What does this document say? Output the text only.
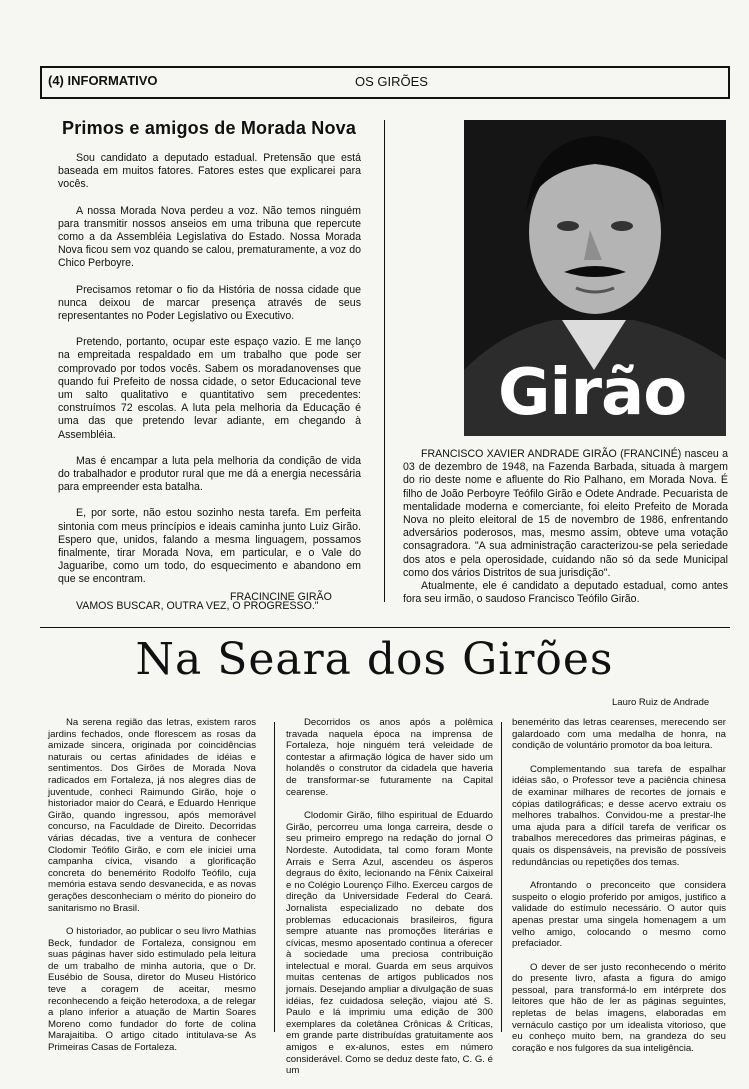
(4) INFORMATIVO	OS GIRÕES
Primos e amigos de Morada Nova

Sou candidato a deputado estadual. Pretensão que está baseada em muitos fatores. Fatores estes que explicarei para vocês.

A nossa Morada Nova perdeu a voz. Não temos ninguém para transmitir nossos anseios em uma tribuna que repercute como a da Assembléia Legislativa do Estado. Nossa Morada Nova ficou sem voz quando se calou, prematuramente, a voz do Chico Perboyre.

Precisamos retomar o fio da História de nossa cidade que nunca deixou de marcar presença através de seus representantes no Poder Legislativo ou Executivo.

Pretendo, portanto, ocupar este espaço vazio. E me lanço na empreitada respaldado em um trabalho que pode ser comprovado por todos vocês. Sabem os moradanovenses que quando fui Prefeito de nossa cidade, o setor Educacional teve um salto qualitativo e quantitativo sem precedentes: construímos 72 escolas. A luta pela melhoria da Educação é uma das que pretendo levar adiante, em chegando à Assembléia.

Mas é encampar a luta pela melhoria da condição de vida do trabalhador e produtor rural que me dá a energia necessária para empreender esta batalha.

E, por sorte, não estou sozinho nesta tarefa. Em perfeita sintonia com meus princípios e ideais caminha junto Luiz Girão. Espero que, unidos, falando a mesma linguagem, possamos finalmente, tirar Morada Nova, em particular, e o Vale do Jaguaribe, como um todo, do esquecimento e abandono em que se encontram.

VAMOS BUSCAR, OUTRA VEZ, O PROGRESSO."

FRACINCINE GIRÃO
Girão

FRANCISCO XAVIER ANDRADE GIRÃO (FRANCINÉ) nasceu a 03 de dezembro de 1948, na Fazenda Barbada, situada à margem do rio deste nome e afluente do Rio Palhano, em Morada Nova. É filho de João Perboyre Teófilo Girão e Odete Andrade. Pecuarista de mentalidade moderna e comerciante, foi eleito Prefeito de Morada Nova no pleito eleitoral de 15 de novembro de 1986, enfrentando adversários poderosos, mas, mesmo assim, obteve uma votação consagradora. "A sua administração caracterizou-se pela seriedade dos atos e pela operosidade, cuidando não só da sede Municipal como dos vários Distritos de sua jurisdição".

Atualmente, ele é candidato a deputado estadual, como antes fora seu irmão, o saudoso Francisco Teófilo Girão.

Na Seara dos Girões
Lauro Ruiz de Andrade

Na serena região das letras, existem raros jardins fechados, onde florescem as rosas da amizade sincera, originada por coincidências naturais ou certas afinidades de idéias e sentimentos. Dos Girões de Morada Nova radicados em Fortaleza, já nos alegres dias de juventude, conheci Raimundo Girão, hoje o historiador maior do Ceará, e Eduardo Henrique Girão, quando ingressou, após memorável concurso, na Faculdade de Direito. Decorridas várias décadas, tive a ventura de conhecer Clodomir Teófilo Girão, e com ele iniciei uma campanha cívica, visando a glorificação concreta do benemérito Rodolfo Teófilo, cuja memória estava sendo desvanecida, e as novas gerações desconheciam o mérito do pioneiro do sanitarismo no Brasil.

O historiador, ao publicar o seu livro Mathias Beck, fundador de Fortaleza, consignou em suas páginas haver sido estimulado pela leitura de um trabalho de minha autoria, que o Dr. Eusébio de Sousa, diretor do Museu Histórico teve a coragem de aceitar, mesmo reconhecendo a feição heterodoxa, a de relegar a plano inferior a atuação de Martin Soares Moreno como fundador do forte de colina Marajaitiba. O artigo citado intitulava-se As Primeiras Casas de Fortaleza.

Decorridos os anos após a polêmica travada naquela época na imprensa de Fortaleza, hoje ninguém terá veleidade de contestar a afirmação lógica de haver sido um holandês o construtor da cidadela que haveria de transformar-se futuramente na Capital cearense.

Clodomir Girão, filho espiritual de Eduardo Girão, percorreu uma longa carreira, desde o seu primeiro emprego na redação do jornal O Nordeste. Autodidata, tal como foram Monte Arrais e Serra Azul, ascendeu os ásperos degraus do êxito, lecionando na Fênix Caixeiral e no Colégio Lourenço Filho. Exerceu cargos de direção da Universidade Federal do Ceará. Jornalista especializado no debate dos problemas educacionais brasileiros, figura sempre atuante nas promoções literárias e cívicas, mesmo aposentado continua a oferecer à sociedade uma preciosa contribuição intelectual e moral. Guarda em seus arquivos muitas centenas de artigos publicados nos jornais. Desejando ampliar a divulgação de suas idéias, fez cuidadosa seleção, viajou até S. Paulo e lá imprimiu uma edição de 300 exemplares da coletânea Crônicas & Críticas, em grande parte distribuídas gratuitamente aos amigos e ex-alunos, estes em número considerável. Como se deduz deste fato, C. G. é um

benemérito das letras cearenses, merecendo ser galardoado com uma medalha de honra, na condição de voluntário promotor da boa leitura.

Complementando sua tarefa de espalhar idéias são, o Professor teve a paciência chinesa de examinar milhares de recortes de jornais e cópias datilográficas; e desse acervo extraiu os melhores trabalhos. Convidou-me a prestar-lhe uma ajuda para a difícil tarefa de verificar os trabalhos merecedores das primeiras páginas, e quais os dispensáveis, na previsão de possíveis redundâncias ou repetições dos temas.

Afrontando o preconceito que considera suspeito o elogio proferido por amigos, justifico a validade do estímulo necessário. O autor quis apenas prestar uma singela homenagem a um velho amigo, colocando o mesmo como prefaciador.

O dever de ser justo reconhecendo o mérito do presente livro, afasta a figura do amigo pessoal, para transformá-lo em intérprete dos leitores que hão de ler as páginas seguintes, repletas de belas imagens, elaboradas em vernáculo castiço por um idealista vitorioso, que eu conheço muito bem, na grandeza do seu coração e nos fulgores da sua inteligência.
